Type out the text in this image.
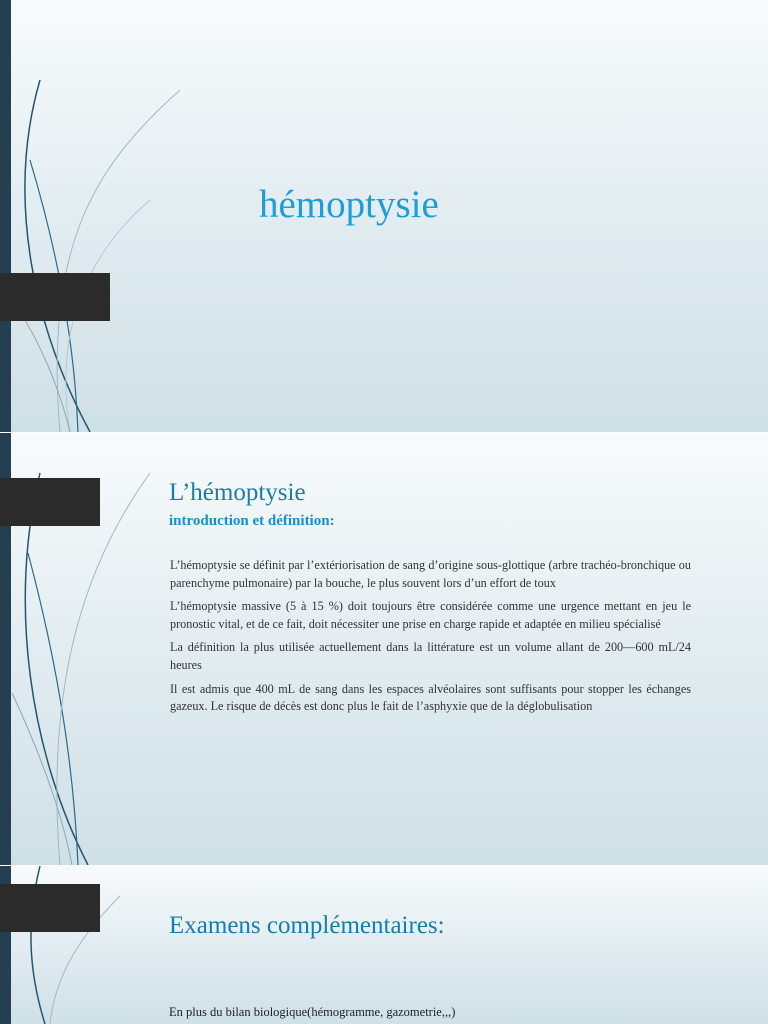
hémoptysie
L’hémoptysie

introduction et définition:

L’hémoptysie se définit par l’extériorisation de sang d’origine sous-glottique (arbre trachéo-bronchique ou parenchyme pulmonaire) par la bouche, le plus souvent lors d’un effort de toux
L’hémoptysie massive (5 à 15 %) doit toujours être considérée comme une urgence mettant en jeu le pronostic vital, et de ce fait, doit nécessiter une prise en charge rapide et adaptée en milieu spécialisé
La définition la plus utilisée actuellement dans la littérature est un volume allant de 200—600 mL/24 heures
Il est admis que 400 mL de sang dans les espaces alvéolaires sont suffisants pour stopper les échanges gazeux. Le risque de décès est donc plus le fait de l’asphyxie que de la déglobulisation
Examens complémentaires:

En plus du bilan biologique(hémogramme, gazometrie,,,)
